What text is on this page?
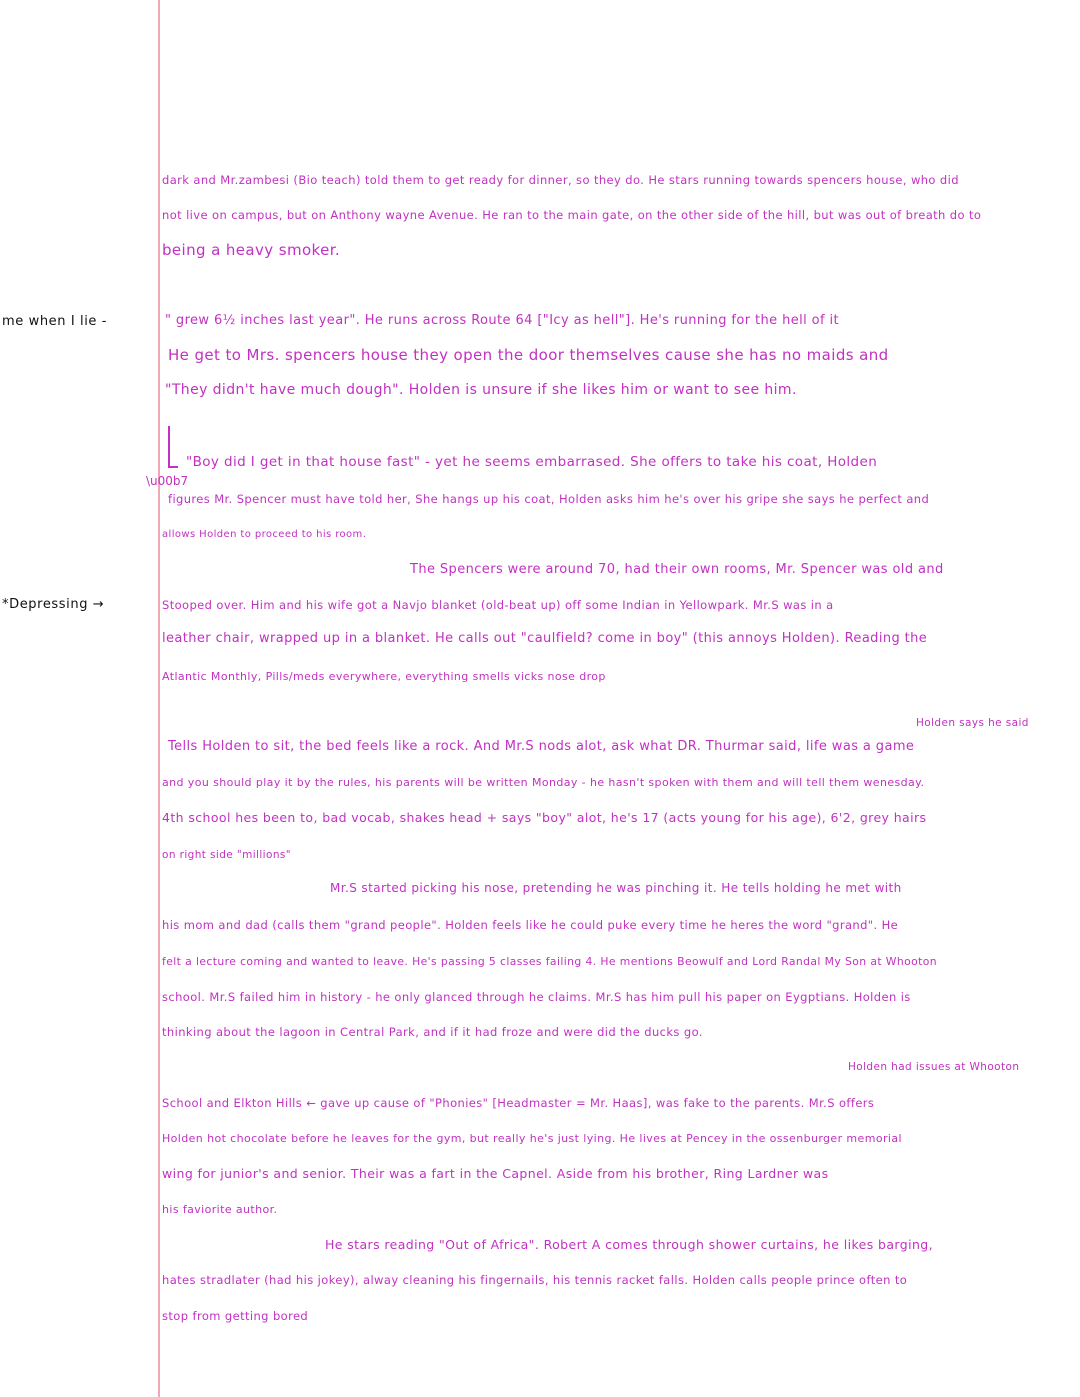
me when I lie -
*Depressing →
\u00b7
dark and Mr.zambesi (Bio teach) told them to get ready for dinner, so they do. He stars running towards spencers house, who did
not live on campus, but on Anthony wayne Avenue. He ran to the main gate, on the other side of the hill, but was out of breath do to
being a heavy smoker.
" grew 6½ inches last year". He runs across Route 64 ["Icy as hell"]. He's running for the hell of it
He get to Mrs. spencers house they open the door themselves cause she has no maids and
"They didn't have much dough". Holden is unsure if she likes him or want to see him.
"Boy did I get in that house fast" - yet he seems embarrased. She offers to take his coat, Holden
figures Mr. Spencer must have told her, She hangs up his coat, Holden asks him he's over his gripe she says he perfect and
allows Holden to proceed to his room.
The Spencers were around 70, had their own rooms, Mr. Spencer was old and
Stooped over. Him and his wife got a Navjo blanket (old-beat up) off some Indian in Yellowpark. Mr.S was in a
leather chair, wrapped up in a blanket. He calls out "caulfield? come in boy" (this annoys Holden). Reading the
Atlantic Monthly, Pills/meds everywhere, everything smells vicks nose drop
Holden says he said
Tells Holden to sit, the bed feels like a rock. And Mr.S nods alot, ask what DR. Thurmar said, life was a game
and you should play it by the rules, his parents will be written Monday - he hasn't spoken with them and will tell them wenesday.
4th school hes been to, bad vocab, shakes head + says "boy" alot, he's 17 (acts young for his age), 6'2, grey hairs
on right side "millions"
Mr.S started picking his nose, pretending he was pinching it. He tells holding he met with
his mom and dad (calls them "grand people". Holden feels like he could puke every time he heres the word "grand". He
felt a lecture coming and wanted to leave. He's passing 5 classes failing 4. He mentions Beowulf and Lord Randal My Son at Whooton
school. Mr.S failed him in history - he only glanced through he claims. Mr.S has him pull his paper on Eygptians. Holden is
thinking about the lagoon in Central Park, and if it had froze and were did the ducks go.
Holden had issues at Whooton
School and Elkton Hills ← gave up cause of "Phonies" [Headmaster = Mr. Haas], was fake to the parents. Mr.S offers
Holden hot chocolate before he leaves for the gym, but really he's just lying. He lives at Pencey in the ossenburger memorial
wing for junior's and senior. Their was a fart in the Capnel. Aside from his brother, Ring Lardner was
his faviorite author.
He stars reading "Out of Africa". Robert A comes through shower curtains, he likes barging,
hates stradlater (had his jokey), alway cleaning his fingernails, his tennis racket falls. Holden calls people prince often to
stop from getting bored
